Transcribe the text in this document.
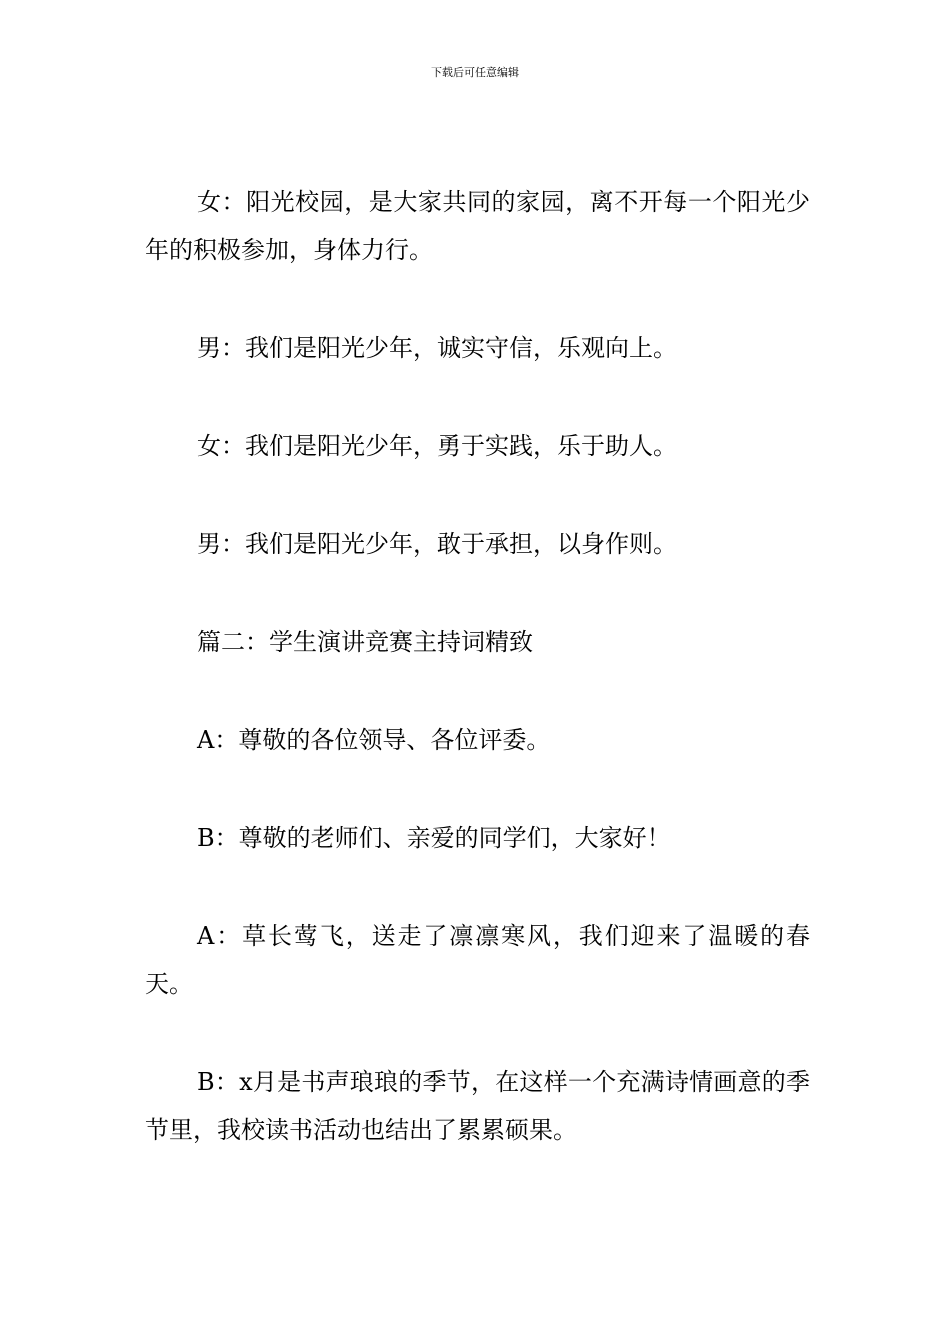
下载后可任意编辑

女：阳光校园，是大家共同的家园，离不开每一个阳光少年的积极参加，身体力行。

男：我们是阳光少年，诚实守信，乐观向上。

女：我们是阳光少年，勇于实践，乐于助人。

男：我们是阳光少年，敢于承担，以身作则。

篇二：学生演讲竞赛主持词精致

A：尊敬的各位领导、各位评委。

B：尊敬的老师们、亲爱的同学们，大家好！

A：草长莺飞，送走了凛凛寒风，我们迎来了温暖的春天。

B：x月是书声琅琅的季节，在这样一个充满诗情画意的季节里，我校读书活动也结出了累累硕果。
